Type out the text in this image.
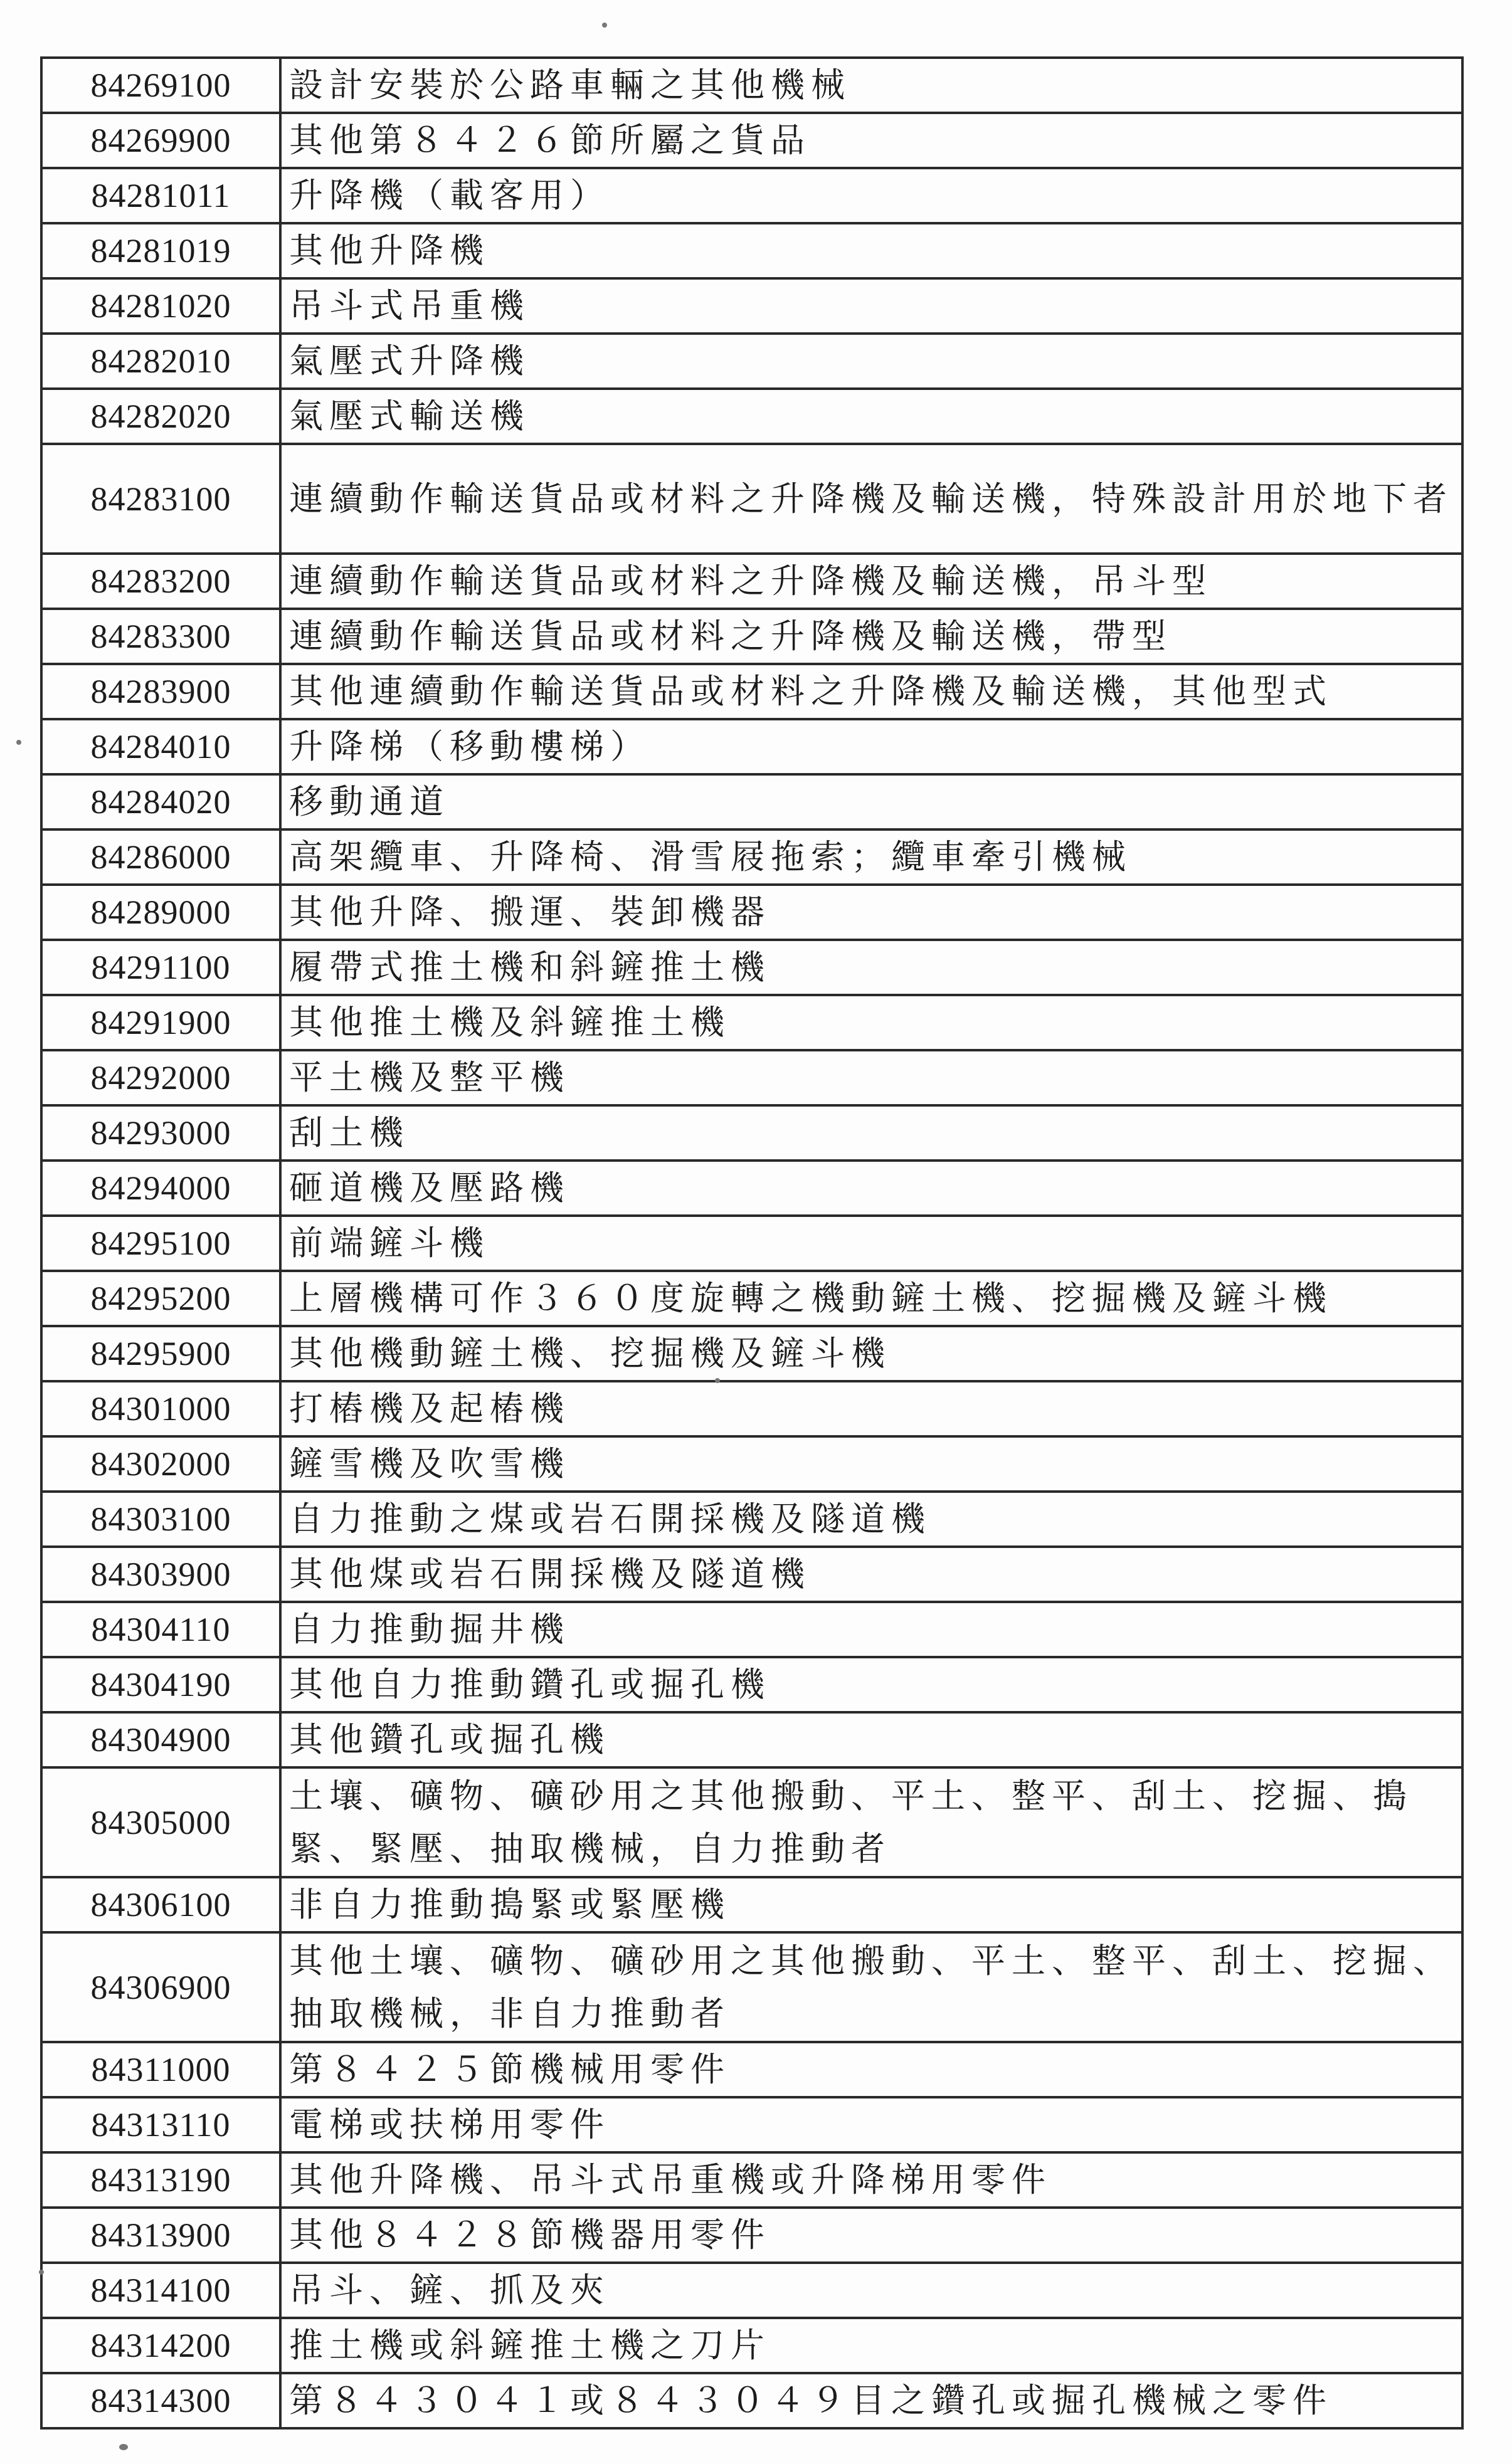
84269100	設計安裝於公路車輛之其他機械
84269900	其他第８４２６節所屬之貨品
84281011	升降機（載客用）
84281019	其他升降機
84281020	吊斗式吊重機
84282010	氣壓式升降機
84282020	氣壓式輸送機
84283100	連續動作輸送貨品或材料之升降機及輸送機，特殊設計用於地下者
84283200	連續動作輸送貨品或材料之升降機及輸送機，吊斗型
84283300	連續動作輸送貨品或材料之升降機及輸送機，帶型
84283900	其他連續動作輸送貨品或材料之升降機及輸送機，其他型式
84284010	升降梯（移動樓梯）
84284020	移動通道
84286000	高架纜車、升降椅、滑雪屐拖索；纜車牽引機械
84289000	其他升降、搬運、裝卸機器
84291100	履帶式推土機和斜鏟推土機
84291900	其他推土機及斜鏟推土機
84292000	平土機及整平機
84293000	刮土機
84294000	砸道機及壓路機
84295100	前端鏟斗機
84295200	上層機構可作３６０度旋轉之機動鏟土機、挖掘機及鏟斗機
84295900	其他機動鏟土機、挖掘機及鏟斗機
84301000	打樁機及起樁機
84302000	鏟雪機及吹雪機
84303100	自力推動之煤或岩石開採機及隧道機
84303900	其他煤或岩石開採機及隧道機
84304110	自力推動掘井機
84304190	其他自力推動鑽孔或掘孔機
84304900	其他鑽孔或掘孔機
84305000	土壤、礦物、礦砂用之其他搬動、平土、整平、刮土、挖掘、搗緊、緊壓、抽取機械，自力推動者
84306100	非自力推動搗緊或緊壓機
84306900	其他土壤、礦物、礦砂用之其他搬動、平土、整平、刮土、挖掘、抽取機械，非自力推動者
84311000	第８４２５節機械用零件
84313110	電梯或扶梯用零件
84313190	其他升降機、吊斗式吊重機或升降梯用零件
84313900	其他８４２８節機器用零件
84314100	吊斗、鏟、抓及夾
84314200	推土機或斜鏟推土機之刀片
84314300	第８４３０４１或８４３０４９目之鑽孔或掘孔機械之零件
